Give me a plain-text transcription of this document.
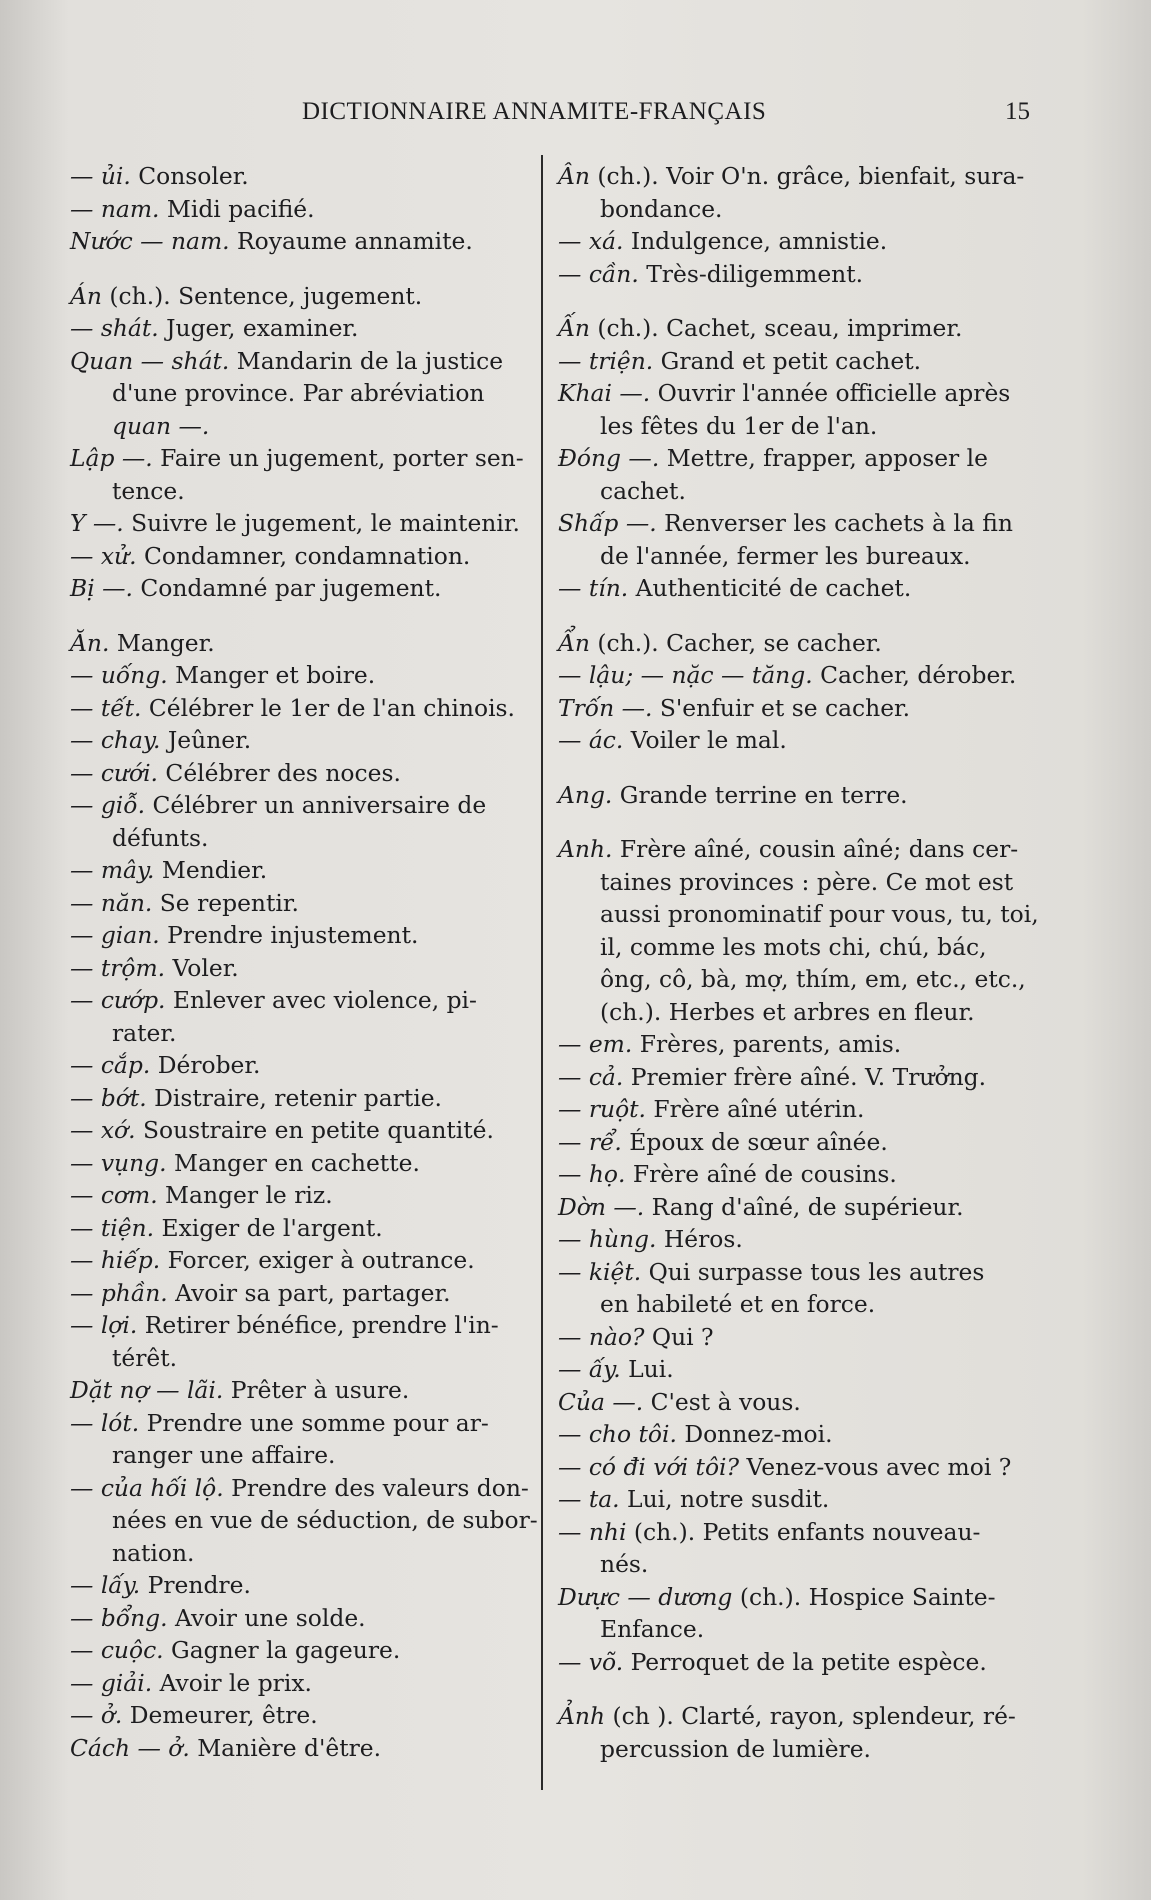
DICTIONNAIRE ANNAMITE-FRANÇAIS	15
— ủi. Consoler.
— nam. Midi pacifié.
Nước — nam. Royaume annamite.
Án (ch.). Sentence, jugement.
— shát. Juger, examiner.
Quan — shát. Mandarin de la justice
d'une province. Par abréviation
quan —.
Lập —. Faire un jugement, porter sen-
tence.
Y —. Suivre le jugement, le maintenir.
— xử. Condamner, condamnation.
Bị —. Condamné par jugement.
Ăn. Manger.
— uống. Manger et boire.
— tết. Célébrer le 1er de l'an chinois.
— chay. Jeûner.
— cưới. Célébrer des noces.
— giỗ. Célébrer un anniversaire de
défunts.
— mây. Mendier.
— năn. Se repentir.
— gian. Prendre injustement.
— trộm. Voler.
— cướp. Enlever avec violence, pi-
rater.
— cắp. Dérober.
— bớt. Distraire, retenir partie.
— xớ. Soustraire en petite quantité.
— vụng. Manger en cachette.
— cơm. Manger le riz.
— tiện. Exiger de l'argent.
— hiếp. Forcer, exiger à outrance.
— phần. Avoir sa part, partager.
— lợi. Retirer bénéfice, prendre l'in-
térêt.
Dặt nợ — lãi. Prêter à usure.
— lót. Prendre une somme pour ar-
ranger une affaire.
— của hối lộ. Prendre des valeurs don-
nées en vue de séduction, de subor-
nation.
— lấy. Prendre.
— bổng. Avoir une solde.
— cuộc. Gagner la gageure.
— giải. Avoir le prix.
— ở. Demeurer, être.
Cách — ở. Manière d'être.
Ân (ch.). Voir O'n. grâce, bienfait, sura-
bondance.
— xá. Indulgence, amnistie.
— cần. Très-diligemment.
Ấn (ch.). Cachet, sceau, imprimer.
— triện. Grand et petit cachet.
Khai —. Ouvrir l'année officielle après
les fêtes du 1er de l'an.
Đóng —. Mettre, frapper, apposer le
cachet.
Shấp —. Renverser les cachets à la fin
de l'année, fermer les bureaux.
— tín. Authenticité de cachet.
Ẩn (ch.). Cacher, se cacher.
— lậu; — nặc — tăng. Cacher, dérober.
Trốn —. S'enfuir et se cacher.
— ác. Voiler le mal.
Ang. Grande terrine en terre.
Anh. Frère aîné, cousin aîné; dans cer-
taines provinces : père. Ce mot est
aussi pronominatif pour vous, tu, toi,
il, comme les mots chi, chú, bác,
ông, cô, bà, mợ, thím, em, etc., etc.,
(ch.). Herbes et arbres en fleur.
— em. Frères, parents, amis.
— cả. Premier frère aîné. V. Trưởng.
— ruột. Frère aîné utérin.
— rể. Époux de sœur aînée.
— họ. Frère aîné de cousins.
Dờn —. Rang d'aîné, de supérieur.
— hùng. Héros.
— kiệt. Qui surpasse tous les autres
en habileté et en force.
— nào? Qui ?
— ấy. Lui.
Của —. C'est à vous.
— cho tôi. Donnez-moi.
— có đi với tôi? Venez-vous avec moi ?
— ta. Lui, notre susdit.
— nhi (ch.). Petits enfants nouveau-
nés.
Dưực — dương (ch.). Hospice Sainte-
Enfance.
— võ. Perroquet de la petite espèce.
Ảnh (ch ). Clarté, rayon, splendeur, ré-
percussion de lumière.
